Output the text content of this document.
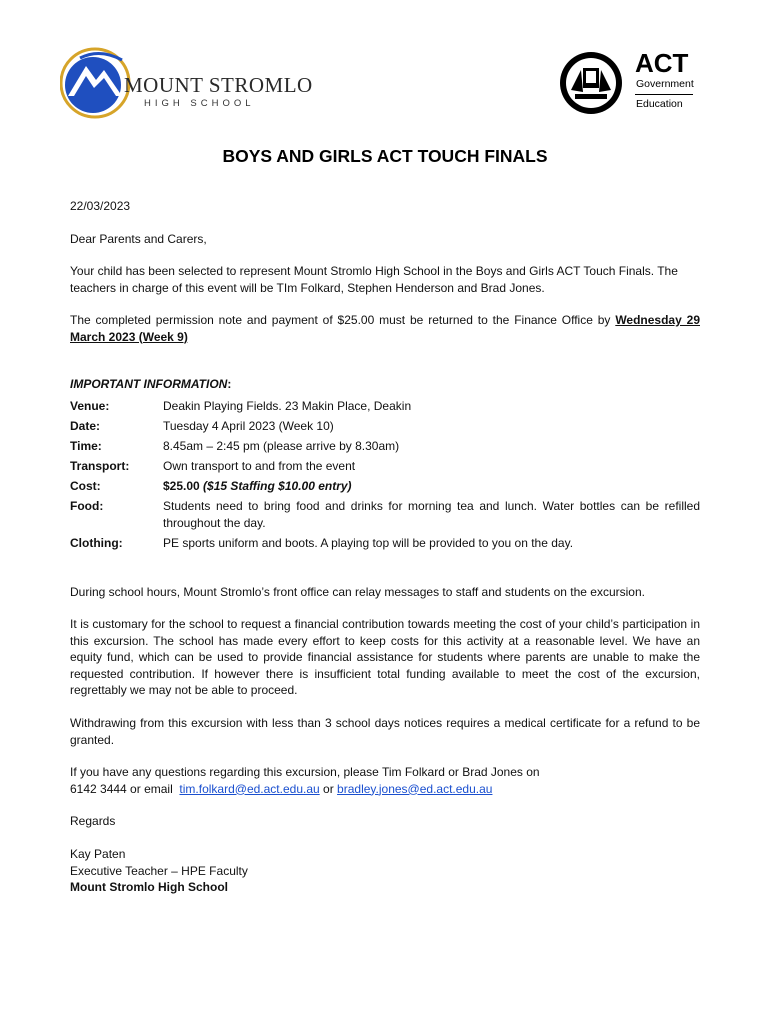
MOUNT STROMLO
HIGH SCHOOL
ACT
Government
Education
BOYS AND GIRLS ACT TOUCH FINALS
22/03/2023
Dear Parents and Carers,
Your child has been selected to represent Mount Stromlo High School in the Boys and Girls ACT Touch Finals. The teachers in charge of this event will be TIm Folkard, Stephen Henderson and Brad Jones.
The completed permission note and payment of $25.00 must be returned to the Finance Office by Wednesday 29 March 2023 (Week 9)
IMPORTANT INFORMATION:
Venue:	Deakin Playing Fields. 23 Makin Place, Deakin
Date:	Tuesday 4 April 2023 (Week 10)
Time:	8.45am – 2:45 pm (please arrive by 8.30am)
Transport:	Own transport to and from the event
Cost:	$25.00 ($15 Staffing $10.00 entry)
Food:	Students need to bring food and drinks for morning tea and lunch. Water bottles can be refilled throughout the day.
Clothing:	PE sports uniform and boots. A playing top will be provided to you on the day.
During school hours, Mount Stromlo’s front office can relay messages to staff and students on the excursion.
It is customary for the school to request a financial contribution towards meeting the cost of your child’s participation in this excursion. The school has made every effort to keep costs for this activity at a reasonable level. We have an equity fund, which can be used to provide financial assistance for students where parents are unable to make the requested contribution. If however there is insufficient total funding available to meet the cost of the excursion, regrettably we may not be able to proceed.
Withdrawing from this excursion with less than 3 school days notices requires a medical certificate for a refund to be granted.
If you have any questions regarding this excursion, please Tim Folkard or Brad Jones on
6142 3444 or email tim.folkard@ed.act.edu.au or bradley.jones@ed.act.edu.au
Regards
Kay Paten
Executive Teacher – HPE Faculty
Mount Stromlo High School
